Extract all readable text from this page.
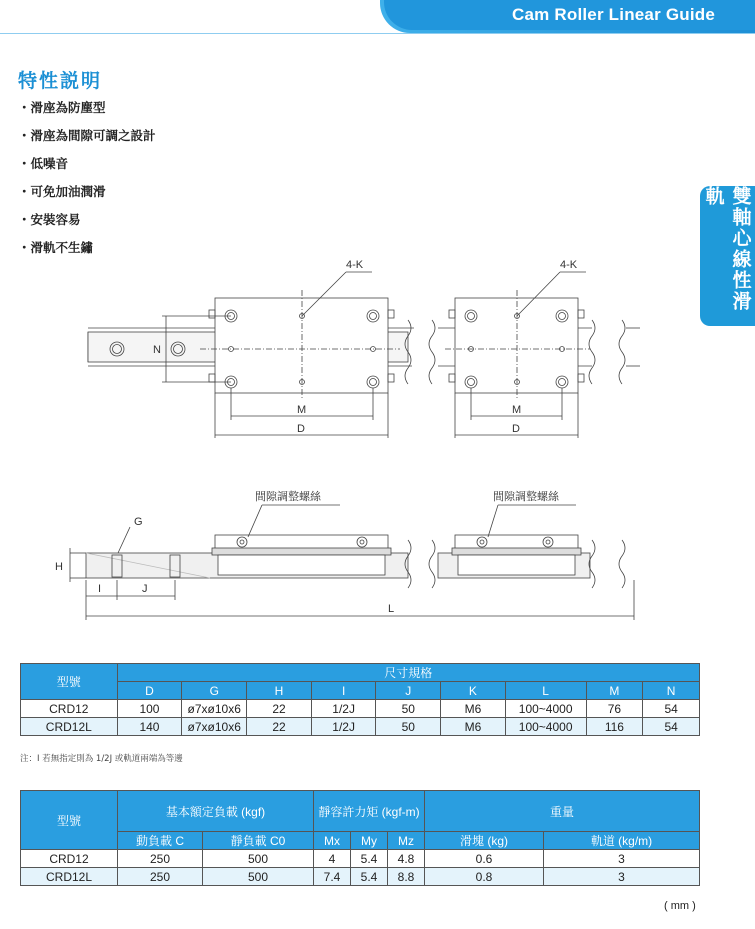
Cam Roller Linear Guide
雙軸心線性滑軌
特性説明
・ 滑座為防塵型
・ 滑座為間隙可調之設計
・ 低噪音
・ 可免加油潤滑
・ 安裝容易
・ 滑軌不生鏽
4-K	4-K
N
M
D
M
D
間隙調整螺絲	間隙調整螺絲
G
H
I	J
L
型號	尺寸規格								
	D	G	H	I	J	K	L	M	N
CRD12	100	ø7xø10x6	22	1/2J	50	M6	100~4000	76	54
CRD12L	140	ø7xø10x6	22	1/2J	50	M6	100~4000	116	54
注：I 若無指定則為 1/2J 或軌道兩端為等邊
型號	基本額定負載 (kgf)		靜容許力矩 (kgf-m)			重量	
	動負載 C	靜負載 C0	Mx	My	Mz	滑塊 (kg)	軌道 (kg/m)
CRD12	250	500	4	5.4	4.8	0.6	3
CRD12L	250	500	7.4	5.4	8.8	0.8	3
( mm )
